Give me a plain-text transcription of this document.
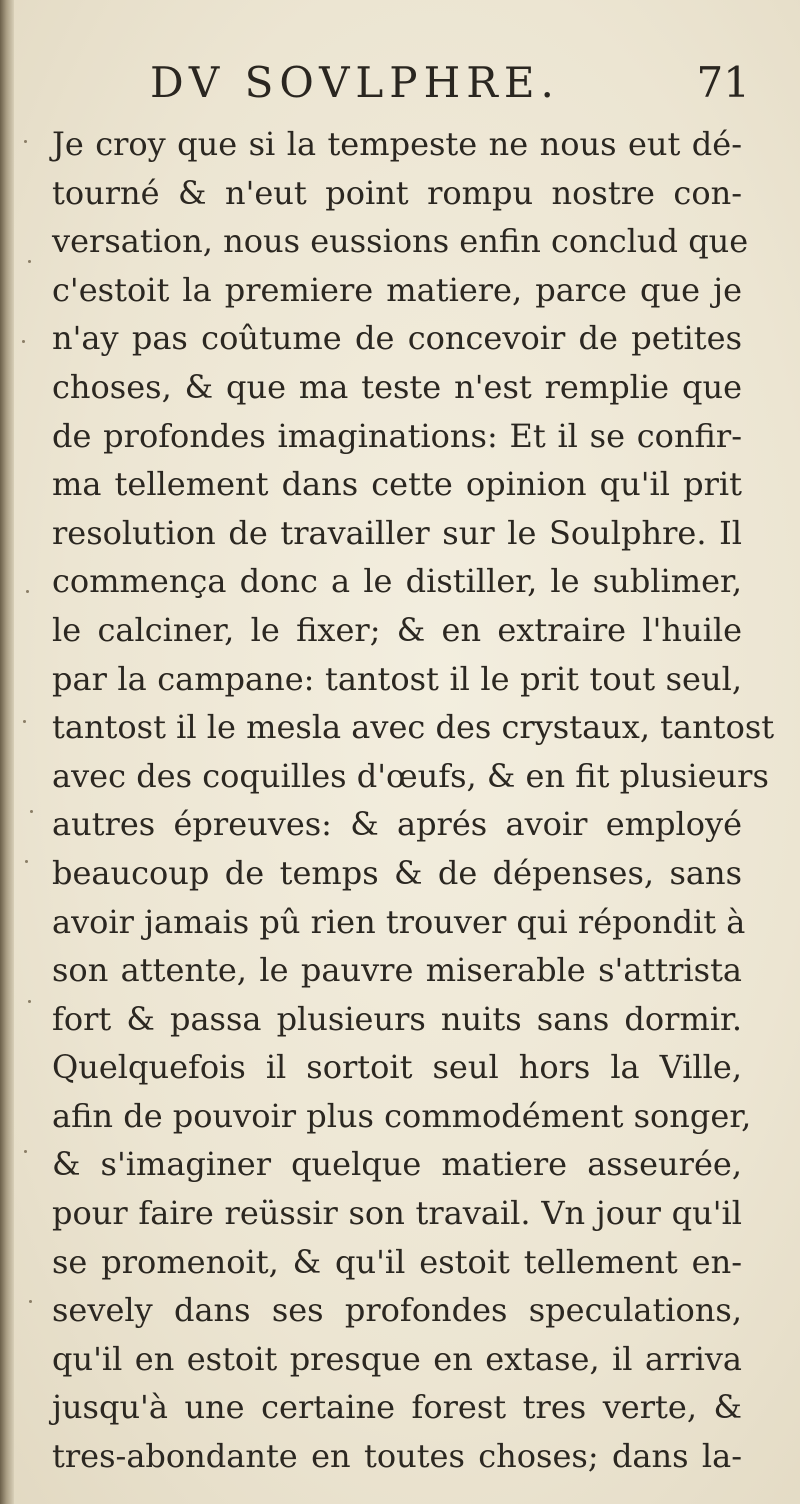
DV SOVLPHRE.	71
Je croy que si la tempeste ne nous eut dé-
tourné & n'eut point rompu nostre con-
versation, nous eussions enfin conclud que
c'estoit la premiere matiere, parce que je
n'ay pas coûtume de concevoir de petites
choses, & que ma teste n'est remplie que
de profondes imaginations: Et il se confir-
ma tellement dans cette opinion qu'il prit
resolution de travailler sur le Soulphre. Il
commença donc a le distiller, le sublimer,
le calciner, le fixer; & en extraire l'huile
par la campane: tantost il le prit tout seul,
tantost il le mesla avec des crystaux, tantost
avec des coquilles d'œufs, & en fit plusieurs
autres épreuves: & aprés avoir employé
beaucoup de temps & de dépenses, sans
avoir jamais pû rien trouver qui répondit à
son attente, le pauvre miserable s'attrista
fort & passa plusieurs nuits sans dormir.
Quelquefois il sortoit seul hors la Ville,
afin de pouvoir plus commodément songer,
& s'imaginer quelque matiere asseurée,
pour faire reüssir son travail. Vn jour qu'il
se promenoit, & qu'il estoit tellement en-
sevely dans ses profondes speculations,
qu'il en estoit presque en extase, il arriva
jusqu'à une certaine forest tres verte, &
tres-abondante en toutes choses; dans la-
